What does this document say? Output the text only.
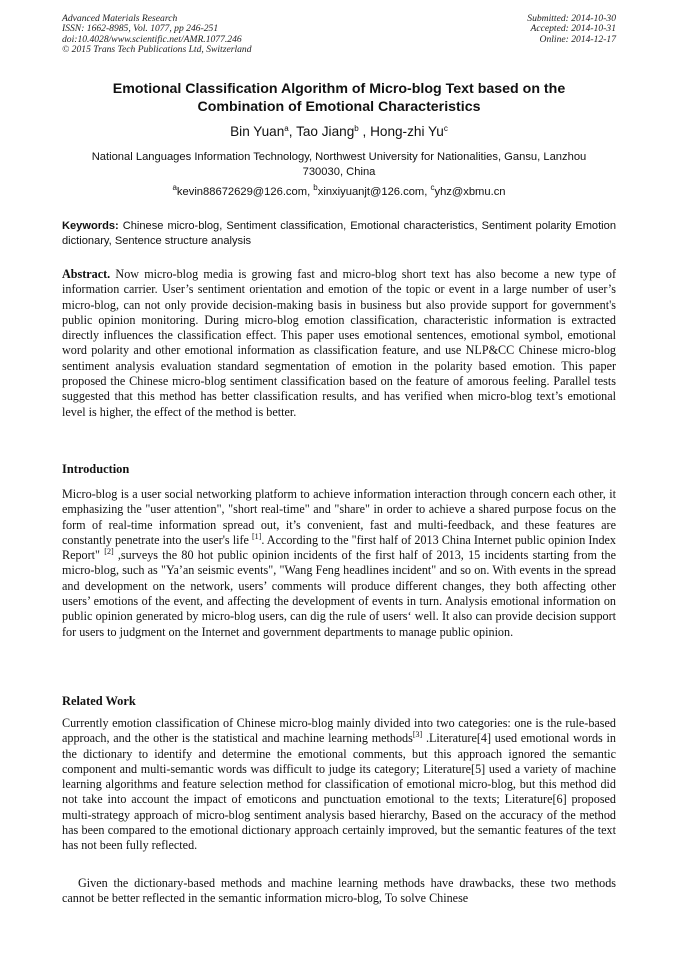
Advanced Materials Research
ISSN: 1662-8985, Vol. 1077, pp 246-251
doi:10.4028/www.scientific.net/AMR.1077.246
© 2015 Trans Tech Publications Ltd, Switzerland
Submitted: 2014-10-30
Accepted: 2014-10-31
Online: 2014-12-17
Emotional Classification Algorithm of Micro-blog Text based on the
Combination of Emotional Characteristics
Bin Yuan$^a$, Tao Jiang$^b$ , Hong-zhi Yu$^c$
National Languages Information Technology, Northwest University for Nationalities, Gansu, Lanzhou 730030, China
$^a$kevin88672629@126.com, $^b$xinxiyuanjt@126.com, $^c$yhz@xbmu.cn
Keywords: Chinese micro-blog, Sentiment classification, Emotional characteristics, Sentiment polarity Emotion dictionary, Sentence structure analysis

Abstract. Now micro-blog media is growing fast and micro-blog short text has also become a new type of information carrier. User’s sentiment orientation and emotion of the topic or event in a large number of user’s micro-blog, can not only provide decision-making basis in business but also provide support for government's public opinion monitoring. During micro-blog emotion classification, characteristic information is extracted directly influences the classification effect. This paper uses emotional sentences, emotional symbol, emotional word polarity and other emotional information as classification feature, and use NLP&CC Chinese micro-blog sentiment analysis evaluation standard segmentation of emotion in the polarity based emotion. This paper proposed the Chinese micro-blog sentiment classification based on the feature of amorous feeling. Parallel tests suggested that this method has better classification results, and has verified when micro-blog text’s emotional level is higher, the effect of the method is better.

Introduction

Micro-blog is a user social networking platform to achieve information interaction through concern each other, it emphasizing the "user attention", "short real-time" and "share" in order to achieve a shared purpose focus on the form of real-time information spread out, it’s convenient, fast and multi-feedback, and these features are constantly penetrate into the user's life [1]. According to the "first half of 2013 China Internet public opinion Index Report" [2] ,surveys the 80 hot public opinion incidents of the first half of 2013, 15 incidents starting from the micro-blog, such as "Ya’an seismic events", "Wang Feng headlines incident" and so on. With events in the spread and development on the network, users’ comments will produce different changes, they both affecting other users’ emotions of the event, and affecting the development of events in turn. Analysis emotional information on public opinion generated by micro-blog users, can dig the rule of users‘ well. It also can provide decision support for users to judgment on the Internet and government departments to manage public opinion.

Related Work

Currently emotion classification of Chinese micro-blog mainly divided into two categories: one is the rule-based approach, and the other is the statistical and machine learning methods[3] .Literature[4] used emotional words in the dictionary to identify and determine the emotional comments, but this approach ignored the semantic component and multi-semantic words was difficult to judge its category; Literature[5] used a variety of machine learning algorithms and feature selection method for classification of emotional micro-blog, but this method did not take into account the impact of emoticons and punctuation emotional to the texts; Literature[6] proposed multi-strategy approach of micro-blog sentiment analysis based hierarchy, Based on the accuracy of the method has been compared to the emotional dictionary approach certainly improved, but the semantic features of the text has not been fully reflected.

Given the dictionary-based methods and machine learning methods have drawbacks, these two methods cannot be better reflected in the semantic information micro-blog, To solve Chinese
